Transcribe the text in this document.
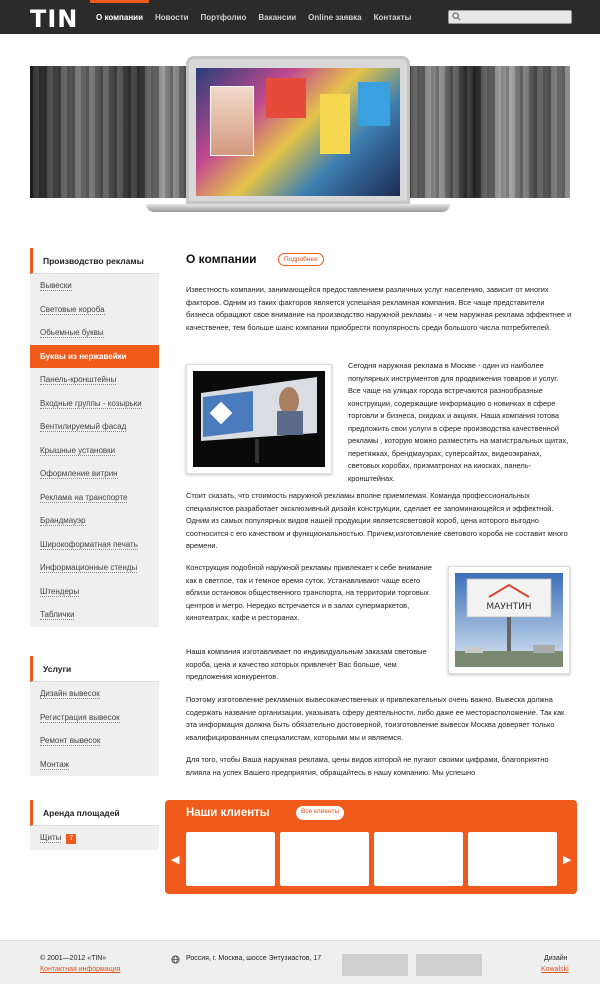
TIN	О компании	Новости	Портфолио	Вакансии	Online заявка	Контакты
Производство рекламы
Вывески
Световые короба
Обьемные буквы
Буквы из нержавейки
Панель-кронштейны
Входные группы - козырьки
Вентилируемый фасад
Крышные установки
Оформление витрин
Реклама на транспорте
Брандмауэр
Широкоформатная печать
Информационные стенды
Штендеры
Таблички
Услуги
Дизайн вывесок
Регистрация вывесок
Ремонт вывесок
Монтаж
Аренда площадей
Щиты 7
О компании	Подробнее
Известность компании, занимающейся предоставлением различных услуг населению, зависит от многих факторов. Одним из таких факторов является успешная рекламная компания. Все чаще представители бизнеса обращают свое внимание на производство наружной рекламы - и чем наружная реклама эффектнее и качественее, тем больше шанс компании приобрести популярность среди большого числа потребителей.
Сегодня наружная реклама в Москве - один из наиболее популярных инструментов для продвижения товаров и услуг. Все чаще на улицах города встречаются разнообразные конструкции, содержащие информацию о новинках в сфере торговли и бизнеса, скидках и акциях. Наша компания готова предложить свои услуги в сфере производства качественной рекламы , которую можно разместить на магистральных щитах, перетяжках, брендмауэрах, суперсайтах, видеоэкранах, световых коробах, призматронах на киосках, панель-кронштейнах.
Стоит сказать, что стоимость наружной рекламы вполне приемлемая. Команда профессиональных специалистов разработает эксклюзивный дизайн конструкции, сделает ее запоминающейся и эффектной. Одним из самых популярных видов нашей продукции являетсясветовой короб, цена которого выгодно соотносится с его качеством и функциональностью. Причем,изготовление светового короба не составит много времени.
Конструкция подобной наружной рекламы привлекает к себе внимание как в светлое, так и темное время суток. Устанавливают чаще всего вблизи остановок общественного транспорта, на территории торговых центров и метро. Нередко встречается и в залах супермаркетов, кинотеатрах, кафе и ресторанах.
МАУНТИН
Наша компания изготавливает по индивидуальным заказам световые короба, цена и качество которых привлечёт Вас больше, чем предложения конкурентов.
Поэтому изготовление рекламных вывесокачественных и привлекательных очень важно. Вывеска должна содержать название организации, указывать сферу деятельности, либо даже ее месторасположение. Так как эта информация должна быть обязательно достоверной, тоизготовление вывесок Москва доверяет только квалифицированным специалистам, которыми мы и являемся.
Для того, чтобы Ваша наружная реклама, цены видов которой не пугают своими цифрами, благоприятно влияла на успех Вашего предприятия, обращайтесь в нашу компанию. Мы успешно
Наши клиенты	Все клиенты
◀	▶
© 2001—2012 «TIN»
Контактная информация
Россия, г. Москва, шоссе Энтузиастов, 17	Дизайн
Kowalski
